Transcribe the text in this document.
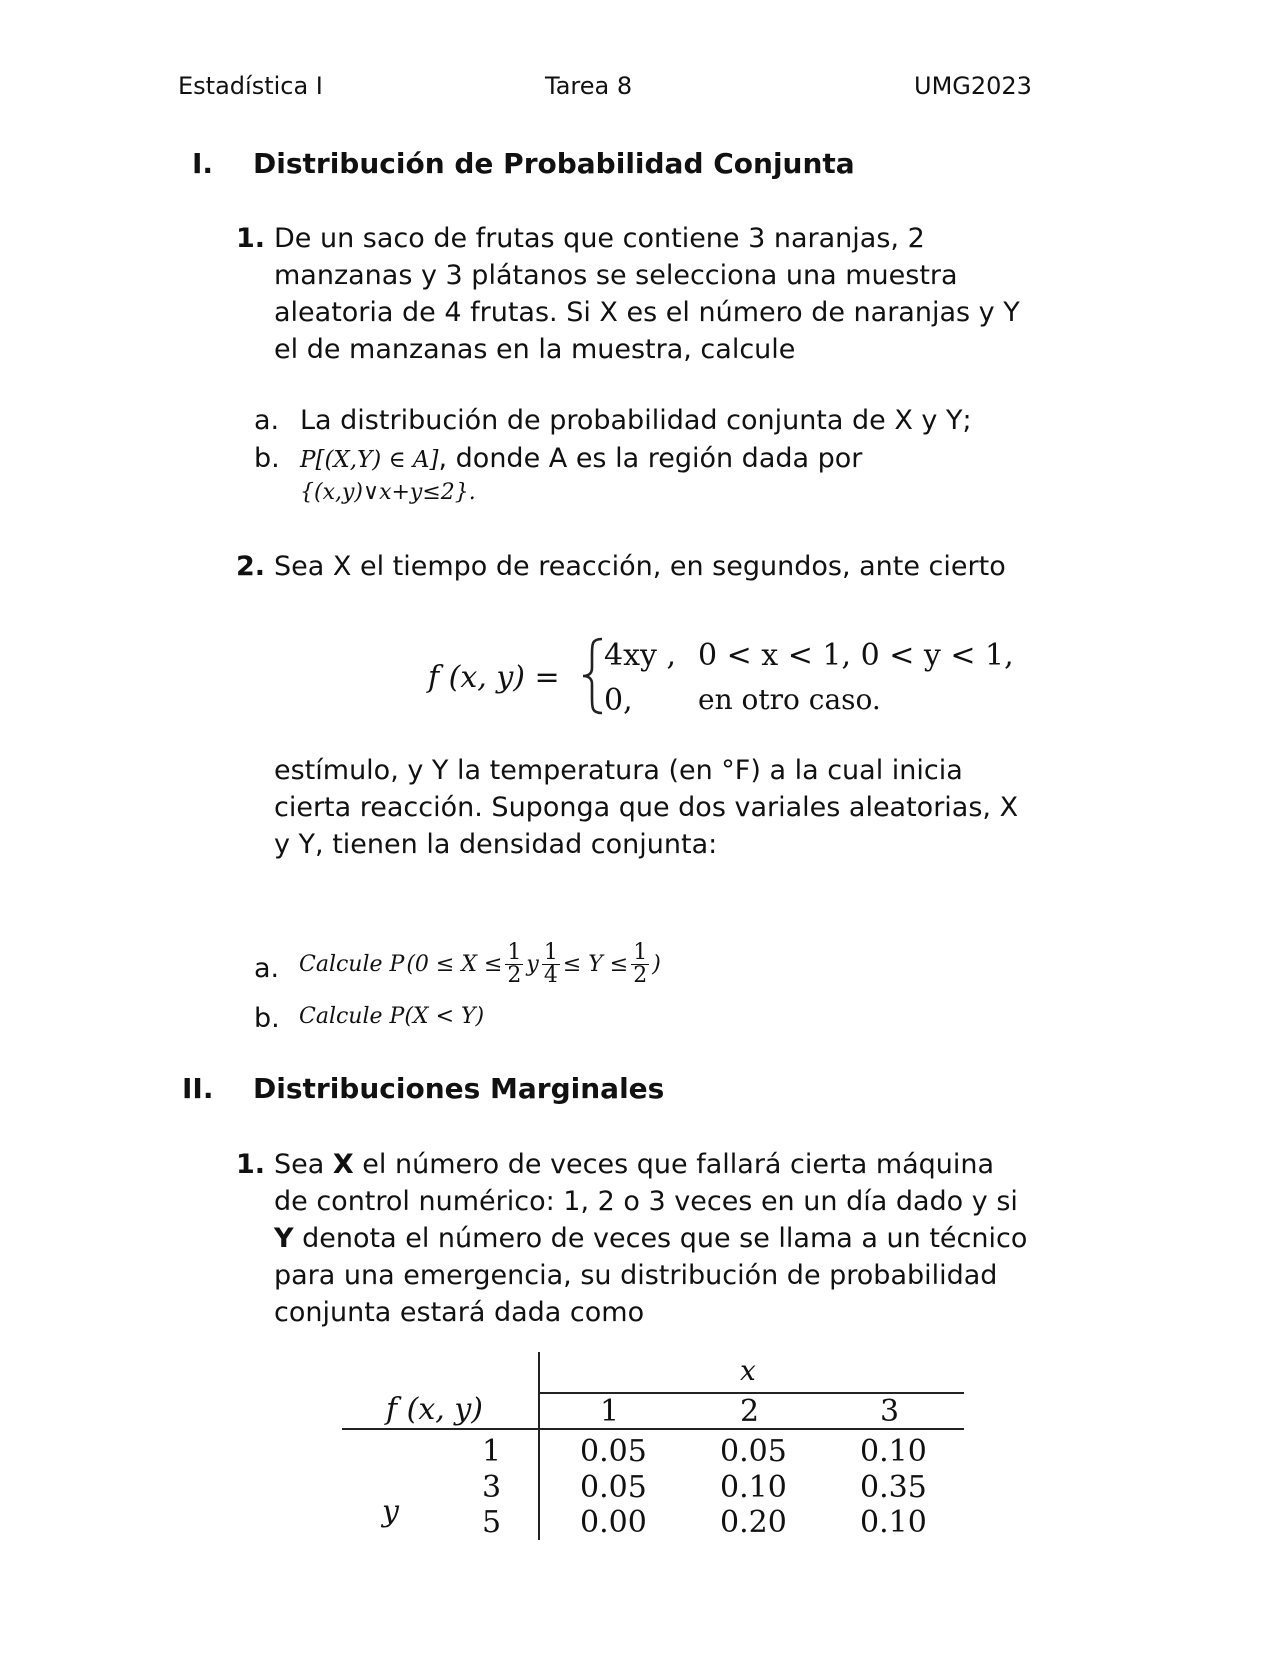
Estadística I	Tarea 8	UMG2023
I. Distribución de Probabilidad Conjunta
1. De un saco de frutas que contiene 3 naranjas, 2
manzanas y 3 plátanos se selecciona una muestra
aleatoria de 4 frutas. Si X es el número de naranjas y Y
el de manzanas en la muestra, calcule
a. La distribución de probabilidad conjunta de X y Y;
b. P[(X,Y) ∈ A], donde A es la región dada por
{(x,y)∨x+y≤2}.
2. Sea X el tiempo de reacción, en segundos, ante cierto
f (x, y) =
4xy , 0 < x < 1, 0 < y < 1,
0, en otro caso.
estímulo, y Y la temperatura (en °F) a la cual inicia
cierta reacción. Suponga que dos variales aleatorias, X
y Y, tienen la densidad conjunta:
a. Calcule P ($0 \le X \le \frac{1}{2}$ y $\frac{1}{4} \le Y \le \frac{1}{2}$ )
b. Calcule P(X < Y)
II. Distribuciones Marginales
1. Sea X el número de veces que fallará cierta máquina
de control numérico: 1, 2 o 3 veces en un día dado y si
Y denota el número de veces que se llama a un técnico
para una emergencia, su distribución de probabilidad
conjunta estará dada como
x
f (x, y)	1	2	3
y
1	0.05 0.05 0.10
3	0.05 0.10 0.35
5	0.00 0.20 0.10
